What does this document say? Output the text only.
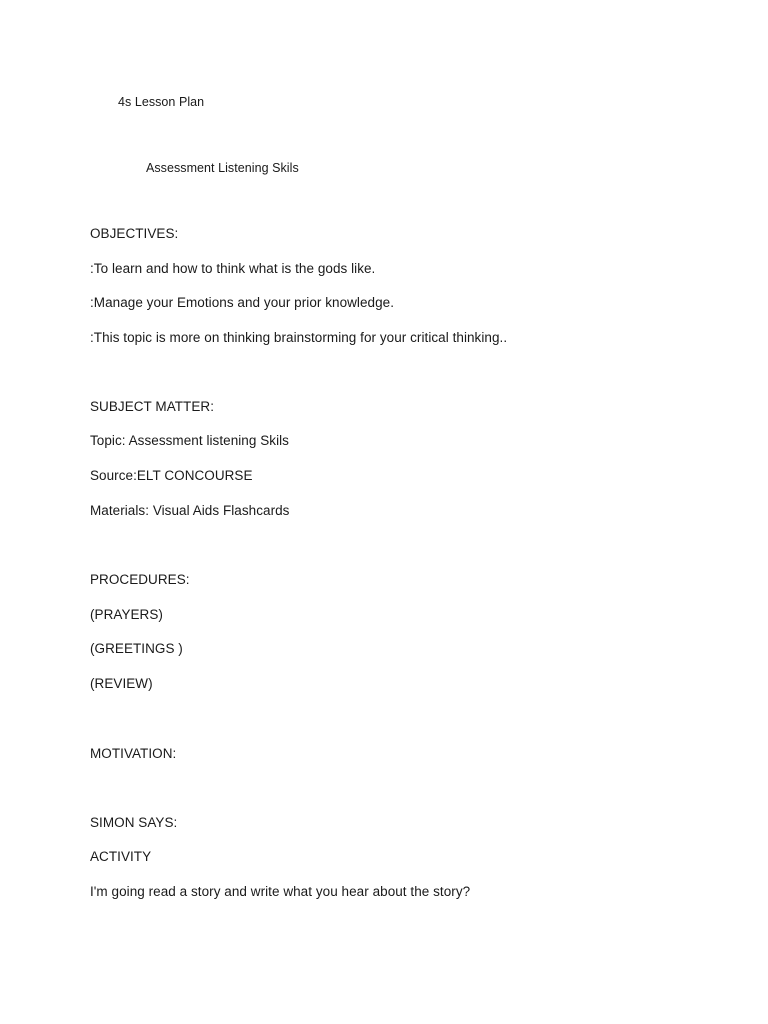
4s Lesson Plan
Assessment Listening Skils
OBJECTIVES:
:To learn and how to think what is the gods like.
:Manage your Emotions and your prior knowledge.
:This topic is more on thinking brainstorming for your critical thinking..
SUBJECT MATTER:
Topic: Assessment listening Skils
Source:ELT CONCOURSE
Materials: Visual Aids Flashcards
PROCEDURES:
(PRAYERS)
(GREETINGS )
(REVIEW)
MOTIVATION:
SIMON SAYS:
ACTIVITY
I'm going read a story and write what you hear about the story?
